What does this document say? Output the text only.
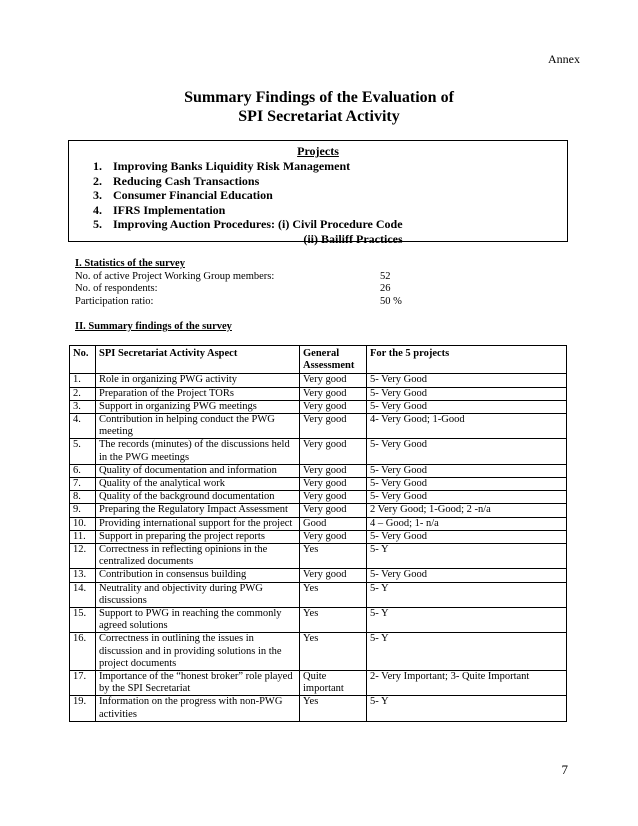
Annex
Summary Findings of the Evaluation of
SPI Secretariat Activity
Projects
1. Improving Banks Liquidity Risk Management
2. Reducing Cash Transactions
3. Consumer Financial Education
4. IFRS Implementation
5. Improving Auction Procedures: (i) Civil Procedure Code
(ii) Bailiff Practices
I. Statistics of the survey
No. of active Project Working Group members:	52
No. of respondents:	26
Participation ratio:	50 %
II. Summary findings of the survey
No.	SPI Secretariat Activity Aspect	General Assessment	For the 5 projects
1.	Role in organizing PWG activity	Very good	5- Very Good
2.	Preparation of the Project TORs	Very good	5- Very Good
3.	Support in organizing PWG meetings	Very good	5- Very Good
4.	Contribution in helping conduct the PWG meeting	Very good	4- Very Good; 1-Good
5.	The records (minutes) of the discussions held in the PWG meetings	Very good	5- Very Good
6.	Quality of documentation and information	Very good	5- Very Good
7.	Quality of the analytical work	Very good	5- Very Good
8.	Quality of the background documentation	Very good	5- Very Good
9.	Preparing the Regulatory Impact Assessment	Very good	2 Very Good; 1-Good; 2 -n/a
10.	Providing international support for the project	Good	4 – Good; 1- n/a
11.	Support in preparing the project reports	Very good	5- Very Good
12.	Correctness in reflecting opinions in the centralized documents	Yes	5- Y
13.	Contribution in consensus building	Very good	5- Very Good
14.	Neutrality and objectivity during PWG discussions	Yes	5- Y
15.	Support to PWG in reaching the commonly agreed solutions	Yes	5- Y
16.	Correctness in outlining the issues in discussion and in providing solutions in the project documents	Yes	5- Y
17.	Importance of the “honest broker” role played by the SPI Secretariat	Quite important	2- Very Important; 3- Quite Important
19.	Information on the progress with non-PWG activities	Yes	5- Y
7
